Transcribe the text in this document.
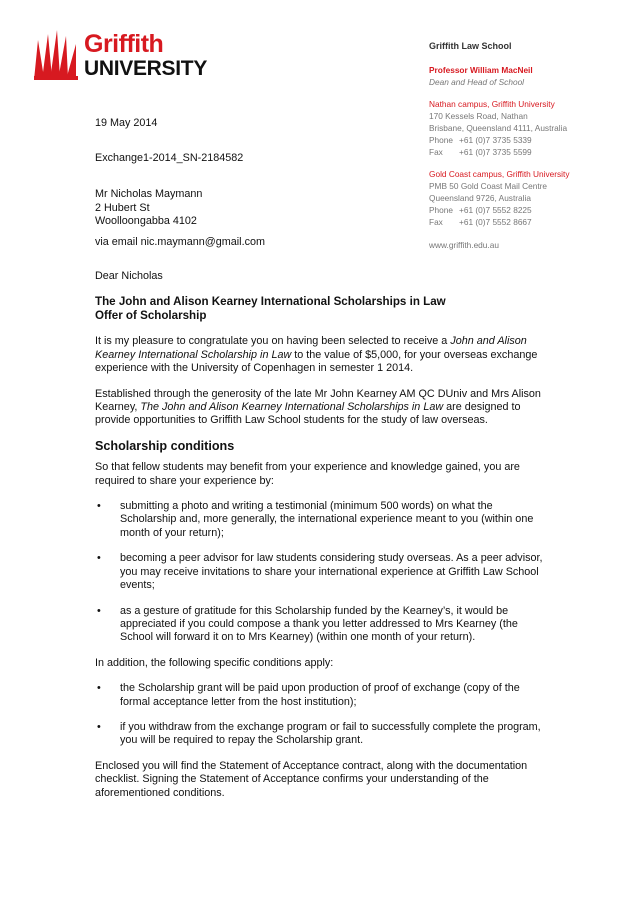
Griffith
UNIVERSITY
Griffith Law School
Professor William MacNeil
Dean and Head of School
Nathan campus, Griffith University
170 Kessels Road, Nathan
Brisbane, Queensland 4111, Australia
Phone +61 (0)7 3735 5339
Fax	+61 (0)7 3735 5599
Gold Coast campus, Griffith University
PMB 50 Gold Coast Mail Centre
Queensland 9726, Australia
Phone +61 (0)7 5552 8225
Fax	+61 (0)7 5552 8667
www.griffith.edu.au
19 May 2014
Exchange1-2014_SN-2184582
Mr Nicholas Maymann
2 Hubert St
Woolloongabba 4102
via email nic.maymann@gmail.com

Dear Nicholas

The John and Alison Kearney International Scholarships in Law
Offer of Scholarship

It is my pleasure to congratulate you on having been selected to receive a John and Alison Kearney International Scholarship in Law to the value of $5,000, for your overseas exchange experience with the University of Copenhagen in semester 1 2014.

Established through the generosity of the late Mr John Kearney AM QC DUniv and Mrs Alison Kearney, The John and Alison Kearney International Scholarships in Law are designed to provide opportunities to Griffith Law School students for the study of law overseas.

Scholarship conditions

So that fellow students may benefit from your experience and knowledge gained, you are required to share your experience by:

• submitting a photo and writing a testimonial (minimum 500 words) on what the Scholarship and, more generally, the international experience meant to you (within one month of your return);
• becoming a peer advisor for law students considering study overseas. As a peer advisor, you may receive invitations to share your international experience at Griffith Law School events;
• as a gesture of gratitude for this Scholarship funded by the Kearney’s, it would be appreciated if you could compose a thank you letter addressed to Mrs Kearney (the School will forward it on to Mrs Kearney) (within one month of your return).

In addition, the following specific conditions apply:

• the Scholarship grant will be paid upon production of proof of exchange (copy of the formal acceptance letter from the host institution);
• if you withdraw from the exchange program or fail to successfully complete the program, you will be required to repay the Scholarship grant.

Enclosed you will find the Statement of Acceptance contract, along with the documentation checklist. Signing the Statement of Acceptance confirms your understanding of the aforementioned conditions.
